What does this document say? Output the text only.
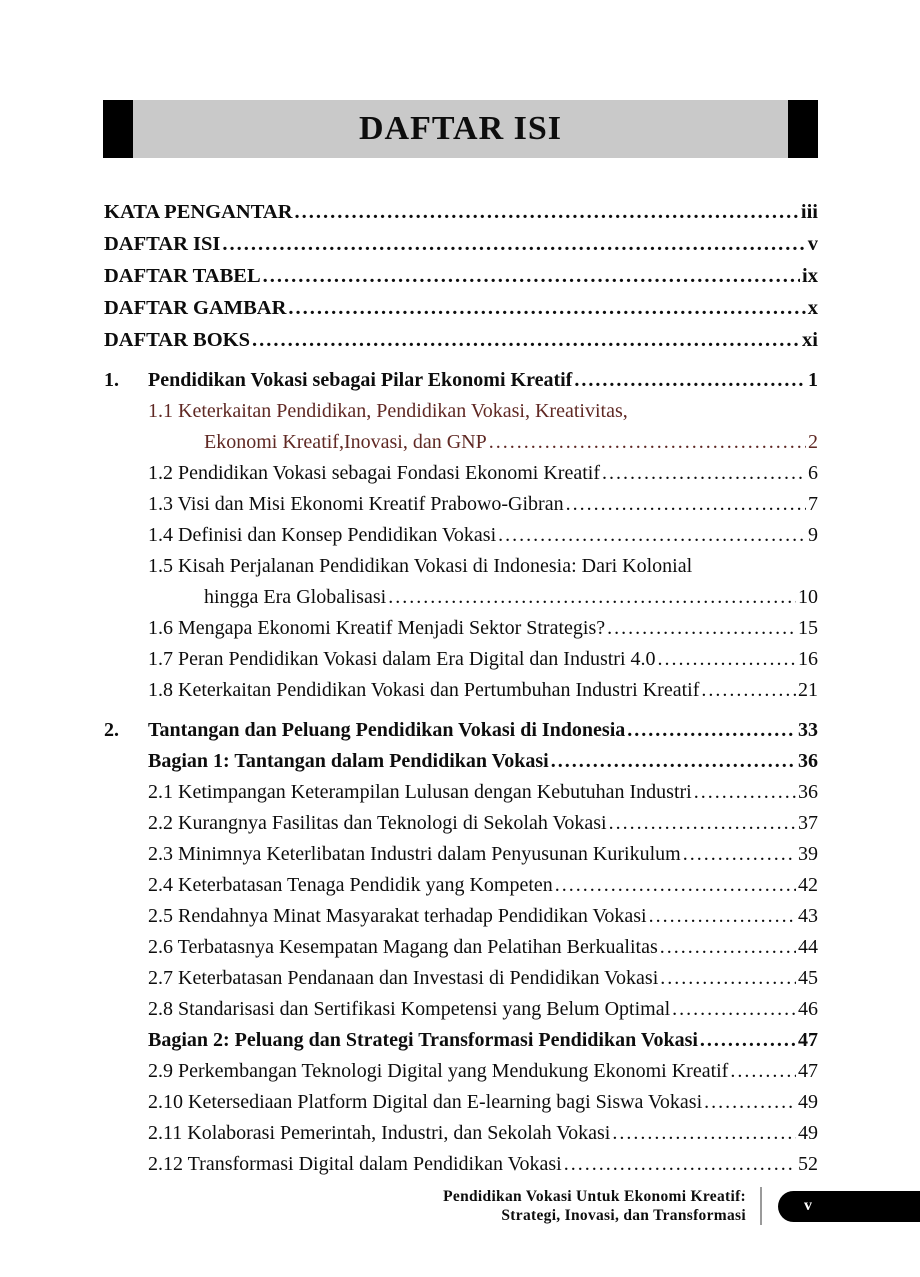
DAFTAR ISI
KATA PENGANTAR .....	iii
DAFTAR ISI .....	v
DAFTAR TABEL .....	ix
DAFTAR GAMBAR .....	x
DAFTAR BOKS .....	xi
1.	Pendidikan Vokasi sebagai Pilar Ekonomi Kreatif .....	1
1.1 Keterkaitan Pendidikan, Pendidikan Vokasi, Kreativitas,
Ekonomi Kreatif,Inovasi, dan GNP .....	2
1.2 Pendidikan Vokasi sebagai Fondasi Ekonomi Kreatif .....	6
1.3 Visi dan Misi Ekonomi Kreatif Prabowo-Gibran .....	7
1.4 Definisi dan Konsep Pendidikan Vokasi .....	9
1.5 Kisah Perjalanan Pendidikan Vokasi di Indonesia: Dari Kolonial
hingga Era Globalisasi .....	10
1.6 Mengapa Ekonomi Kreatif Menjadi Sektor Strategis? .....	15
1.7 Peran Pendidikan Vokasi dalam Era Digital dan Industri 4.0 .....	16
1.8 Keterkaitan Pendidikan Vokasi dan Pertumbuhan Industri Kreatif .....	21
2.	Tantangan dan Peluang Pendidikan Vokasi di Indonesia .....	33
Bagian 1: Tantangan dalam Pendidikan Vokasi .....	36
2.1 Ketimpangan Keterampilan Lulusan dengan Kebutuhan Industri .....	36
2.2 Kurangnya Fasilitas dan Teknologi di Sekolah Vokasi .....	37
2.3 Minimnya Keterlibatan Industri dalam Penyusunan Kurikulum .....	39
2.4 Keterbatasan Tenaga Pendidik yang Kompeten .....	42
2.5 Rendahnya Minat Masyarakat terhadap Pendidikan Vokasi .....	43
2.6 Terbatasnya Kesempatan Magang dan Pelatihan Berkualitas .....	44
2.7 Keterbatasan Pendanaan dan Investasi di Pendidikan Vokasi .....	45
2.8 Standarisasi dan Sertifikasi Kompetensi yang Belum Optimal .....	46
Bagian 2: Peluang dan Strategi Transformasi Pendidikan Vokasi .....	47
2.9 Perkembangan Teknologi Digital yang Mendukung Ekonomi Kreatif .....	47
2.10 Ketersediaan Platform Digital dan E-learning bagi Siswa Vokasi .....	49
2.11 Kolaborasi Pemerintah, Industri, dan Sekolah Vokasi .....	49
2.12 Transformasi Digital dalam Pendidikan Vokasi .....	52
Pendidikan Vokasi Untuk Ekonomi Kreatif:
Strategi, Inovasi, dan Transformasi
v
